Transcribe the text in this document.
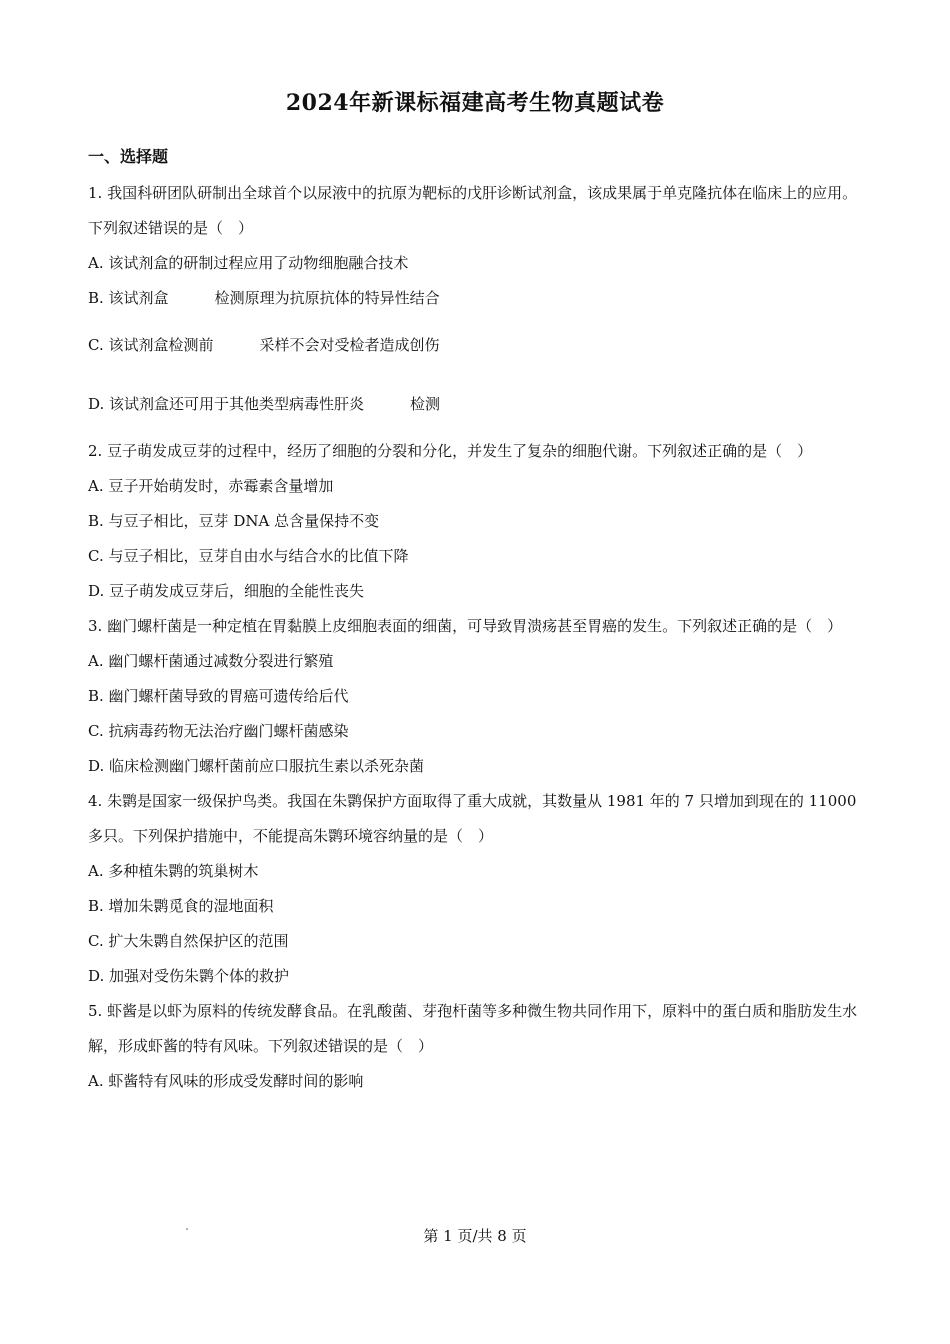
2024年新课标福建高考生物真题试卷
一、选择题

1. 我国科研团队研制出全球首个以尿液中的抗原为靶标的戊肝诊断试剂盒，该成果属于单克隆抗体在临床上的应用。下列叙述错误的是（　）

A. 该试剂盒的研制过程应用了动物细胞融合技术

B. 该试剂盒	检测原理为抗原抗体的特异性结合

C. 该试剂盒检测前	采样不会对受检者造成创伤

D. 该试剂盒还可用于其他类型病毒性肝炎	检测

2. 豆子萌发成豆芽的过程中，经历了细胞的分裂和分化，并发生了复杂的细胞代谢。下列叙述正确的是（　）

A. 豆子开始萌发时，赤霉素含量增加

B. 与豆子相比，豆芽 DNA 总含量保持不变

C. 与豆子相比，豆芽自由水与结合水的比值下降

D. 豆子萌发成豆芽后，细胞的全能性丧失

3. 幽门螺杆菌是一种定植在胃黏膜上皮细胞表面的细菌，可导致胃溃疡甚至胃癌的发生。下列叙述正确的是（　）

A. 幽门螺杆菌通过减数分裂进行繁殖

B. 幽门螺杆菌导致的胃癌可遗传给后代

C. 抗病毒药物无法治疗幽门螺杆菌感染

D. 临床检测幽门螺杆菌前应口服抗生素以杀死杂菌

4. 朱鹮是国家一级保护鸟类。我国在朱鹮保护方面取得了重大成就，其数量从 1981 年的 7 只增加到现在的 11000 多只。下列保护措施中，不能提高朱鹮环境容纳量的是（　）

A. 多种植朱鹮的筑巢树木

B. 增加朱鹮觅食的湿地面积

C. 扩大朱鹮自然保护区的范围

D. 加强对受伤朱鹮个体的救护

5. 虾酱是以虾为原料的传统发酵食品。在乳酸菌、芽孢杆菌等多种微生物共同作用下，原料中的蛋白质和脂肪发生水解，形成虾酱的特有风味。下列叙述错误的是（　）

A. 虾酱特有风味的形成受发酵时间的影响

第 1 页/共 8 页
